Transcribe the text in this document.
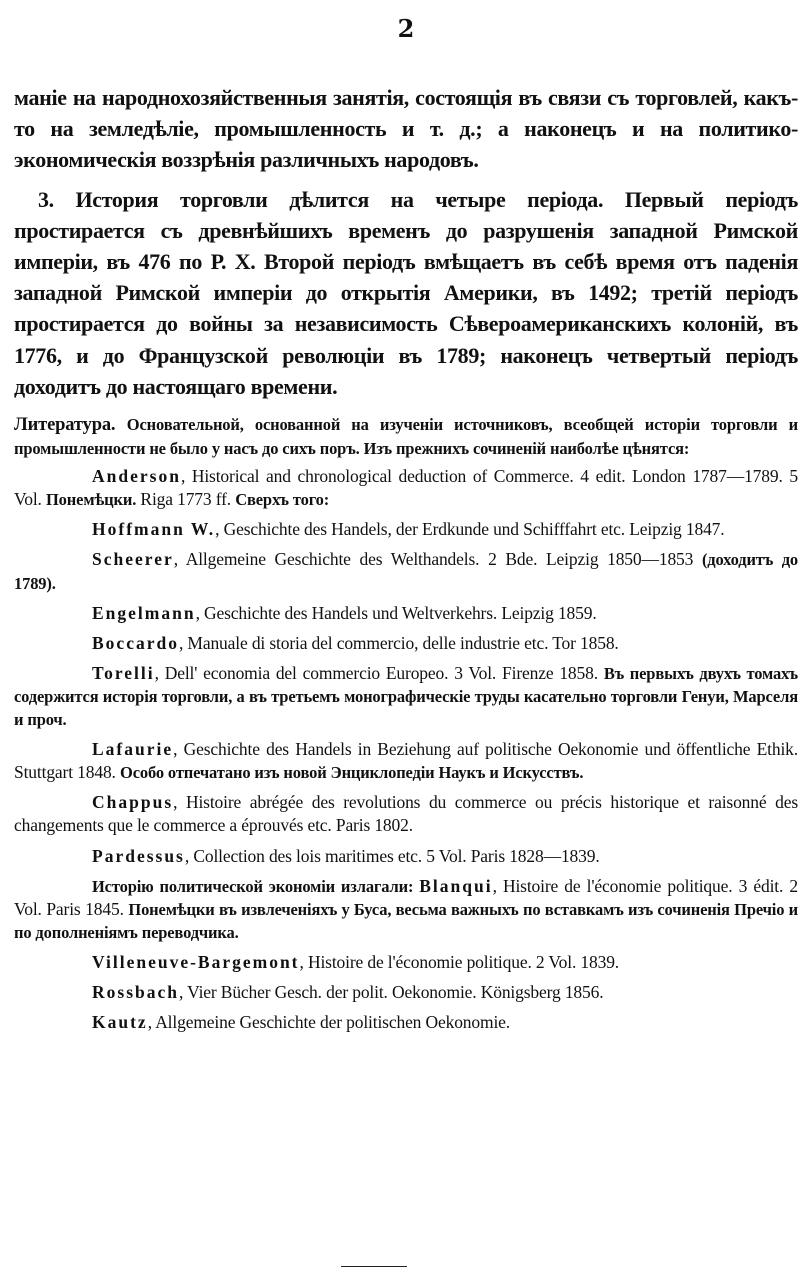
2

маніе на народнохозяйственныя занятія, состоящія въ связи съ торговлей, какъ-то на земледѣліе, промышленность и т. д.; а наконецъ и на политико-экономическія воззрѣнія различныхъ народовъ.

3. История торговли дѣлится на четыре періода. Первый періодъ простирается съ древнѣйшихъ временъ до разрушенія западной Римской имперіи, въ 476 по Р. Х. Второй періодъ вмѣщаетъ въ себѣ время отъ паденія западной Римской имперіи до открытія Америки, въ 1492; третій періодъ простирается до войны за независимость Сѣвероамериканскихъ колоній, въ 1776, и до Французской революціи въ 1789; наконецъ четвертый періодъ доходитъ до настоящаго времени.

Литература. Основательной, основанной на изученіи источниковъ, всеобщей исторіи торговли и промышленности не было у насъ до сихъ поръ. Изъ прежнихъ сочиненій наиболѣе цѣнятся:

Anderson, Historical and chronological deduction of Commerce. 4 edit. London 1787—1789. 5 Vol. Понемѣцки. Riga 1773 ff. Сверхъ того:

Hoffmann W., Geschichte des Handels, der Erdkunde und Schifffahrt etc. Leipzig 1847.

Scheerer, Allgemeine Geschichte des Welthandels. 2 Bde. Leipzig 1850—1853 (доходитъ до 1789).

Engelmann, Geschichte des Handels und Weltverkehrs. Leipzig 1859.

Boccardo, Manuale di storia del commercio, delle industrie etc. Tor 1858.

Torelli, Dell' economia del commercio Europeo. 3 Vol. Firenze 1858. Въ первыхъ двухъ томахъ содержится исторія торговли, а въ третьемъ монографическіе труды касательно торговли Генуи, Марселя и проч.

Lafaurie, Geschichte des Handels in Beziehung auf politische Oekonomie und öffentliche Ethik. Stuttgart 1848. Особо отпечатано изъ новой Энциклопедіи Наукъ и Искусствъ.

Chappus, Histoire abrégée des revolutions du commerce ou précis historique et raisonné des changements que le commerce a éprouvés etc. Paris 1802.

Pardessus, Collection des lois maritimes etc. 5 Vol. Paris 1828—1839.

Исторію политической экономіи излагали: Blanqui, Histoire de l'économie politique. 3 édit. 2 Vol. Paris 1845. Понемѣцки въ извлеченіяхъ у Буса, весьма важныхъ по вставкамъ изъ сочиненія Пречіо и по дополненіямъ переводчика.

Villeneuve-Bargemont, Histoire de l'économie politique. 2 Vol. 1839.

Rossbach, Vier Bücher Gesch. der polit. Oekonomie. Königsberg 1856.

Kautz, Allgemeine Geschichte der politischen Oekonomie.
